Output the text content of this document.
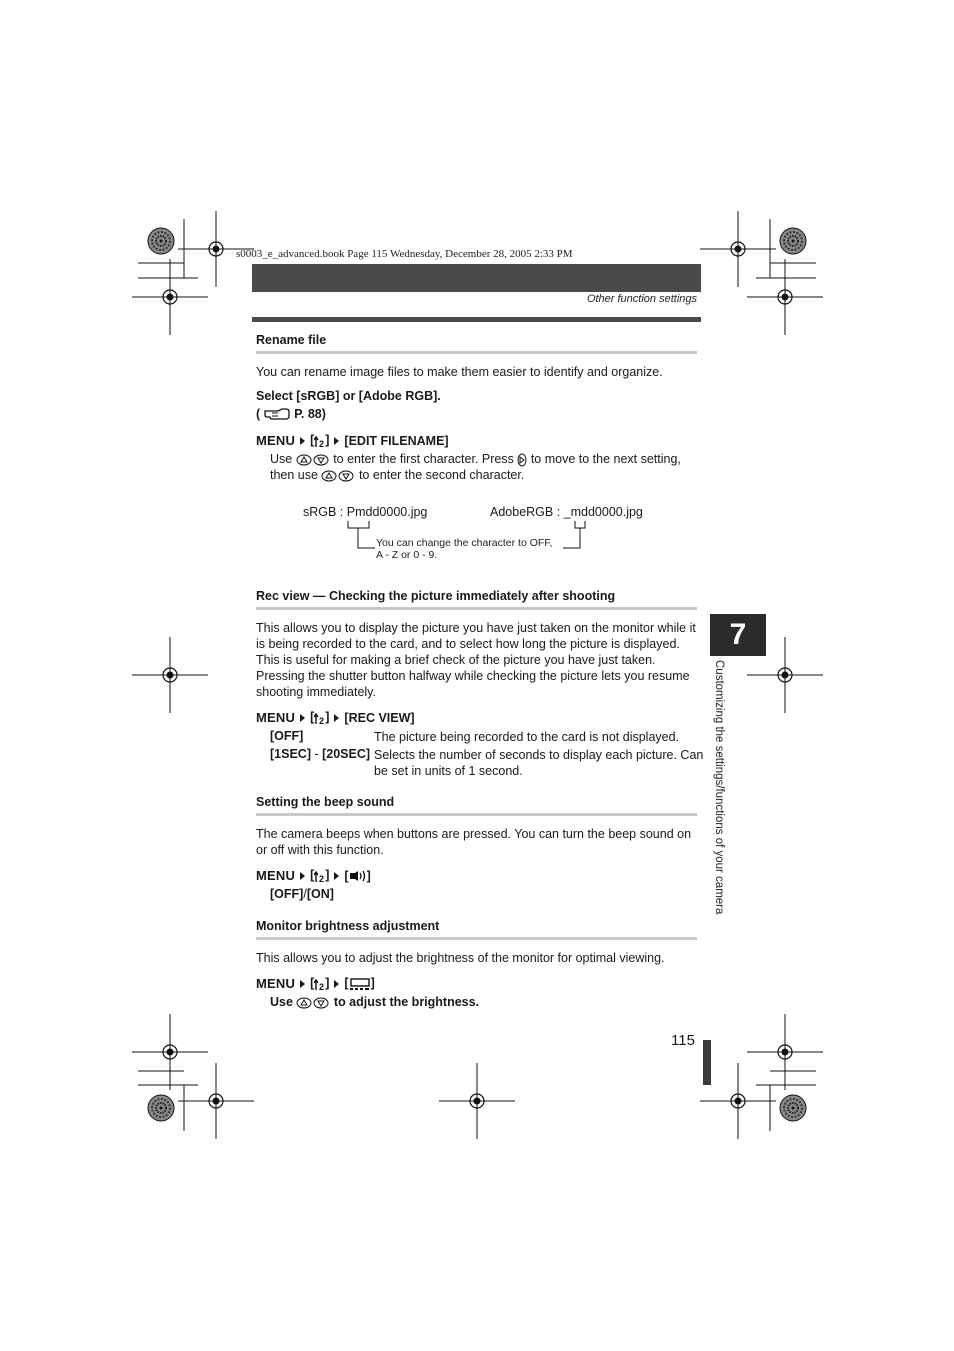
s0003_e_advanced.book Page 115 Wednesday, December 28, 2005 2:33 PM
Other function settings
Rename file
You can rename image files to make them easier to identify and organize.
Select [sRGB] or [Adobe RGB].
(	P. 88)
MENU [ 2 ] [EDIT FILENAME]
Use	to enter the first character. Press to move to the next setting,
then use	to enter the second character.
sRGB : Pmdd0000.jpg	AdobeRGB : _mdd0000.jpg
You can change the character to OFF,
A - Z or 0 - 9.
Rec view — Checking the picture immediately after shooting
This allows you to display the picture you have just taken on the monitor while it is being recorded to the card, and to select how long the picture is displayed. This is useful for making a brief check of the picture you have just taken. Pressing the shutter button halfway while checking the picture lets you resume shooting immediately.
MENU [ 2 ] [REC VIEW]
[OFF]	The picture being recorded to the card is not displayed.
[1SEC] - [20SEC] Selects the number of seconds to display each picture. Can be set in units of 1 second.
Setting the beep sound
The camera beeps when buttons are pressed. You can turn the beep sound on or off with this function.
MENU [ 2 ] [ ]
[OFF]/[ON]
Monitor brightness adjustment
This allows you to adjust the brightness of the monitor for optimal viewing.
MENU [ 2 ] [ ]
Use	to adjust the brightness.
7
Customizing the settings/functions of your camera
115
